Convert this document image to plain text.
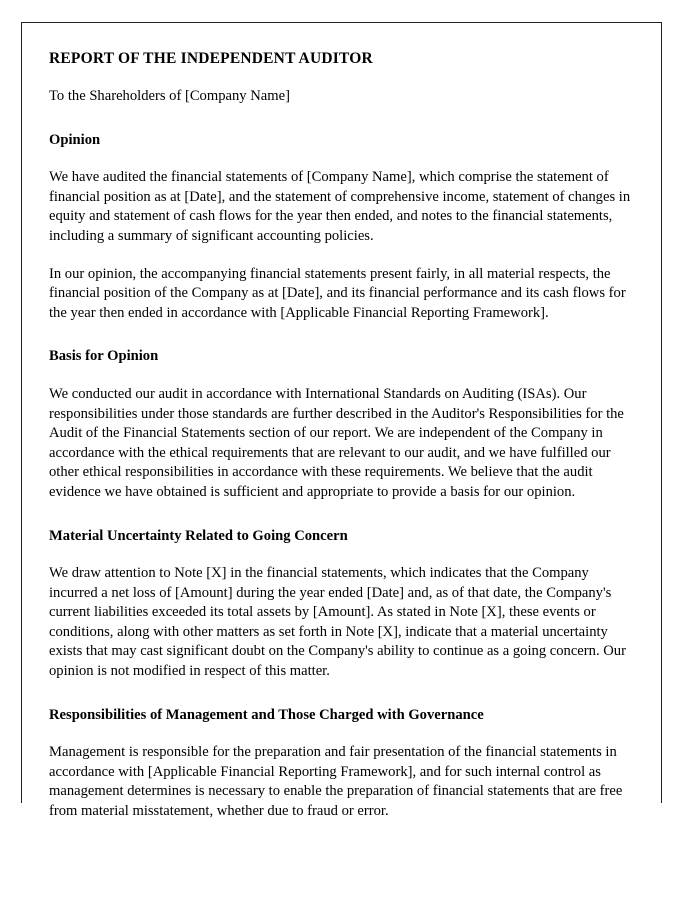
REPORT OF THE INDEPENDENT AUDITOR

To the Shareholders of [Company Name]

Opinion

We have audited the financial statements of [Company Name], which comprise the statement of financial position as at [Date], and the statement of comprehensive income, statement of changes in equity and statement of cash flows for the year then ended, and notes to the financial statements, including a summary of significant accounting policies.

In our opinion, the accompanying financial statements present fairly, in all material respects, the financial position of the Company as at [Date], and its financial performance and its cash flows for the year then ended in accordance with [Applicable Financial Reporting Framework].

Basis for Opinion

We conducted our audit in accordance with International Standards on Auditing (ISAs). Our responsibilities under those standards are further described in the Auditor's Responsibilities for the Audit of the Financial Statements section of our report. We are independent of the Company in accordance with the ethical requirements that are relevant to our audit, and we have fulfilled our other ethical responsibilities in accordance with these requirements. We believe that the audit evidence we have obtained is sufficient and appropriate to provide a basis for our opinion.

Material Uncertainty Related to Going Concern

We draw attention to Note [X] in the financial statements, which indicates that the Company incurred a net loss of [Amount] during the year ended [Date] and, as of that date, the Company's current liabilities exceeded its total assets by [Amount]. As stated in Note [X], these events or conditions, along with other matters as set forth in Note [X], indicate that a material uncertainty exists that may cast significant doubt on the Company's ability to continue as a going concern. Our opinion is not modified in respect of this matter.

Responsibilities of Management and Those Charged with Governance

Management is responsible for the preparation and fair presentation of the financial statements in accordance with [Applicable Financial Reporting Framework], and for such internal control as management determines is necessary to enable the preparation of financial statements that are free from material misstatement, whether due to fraud or error.
